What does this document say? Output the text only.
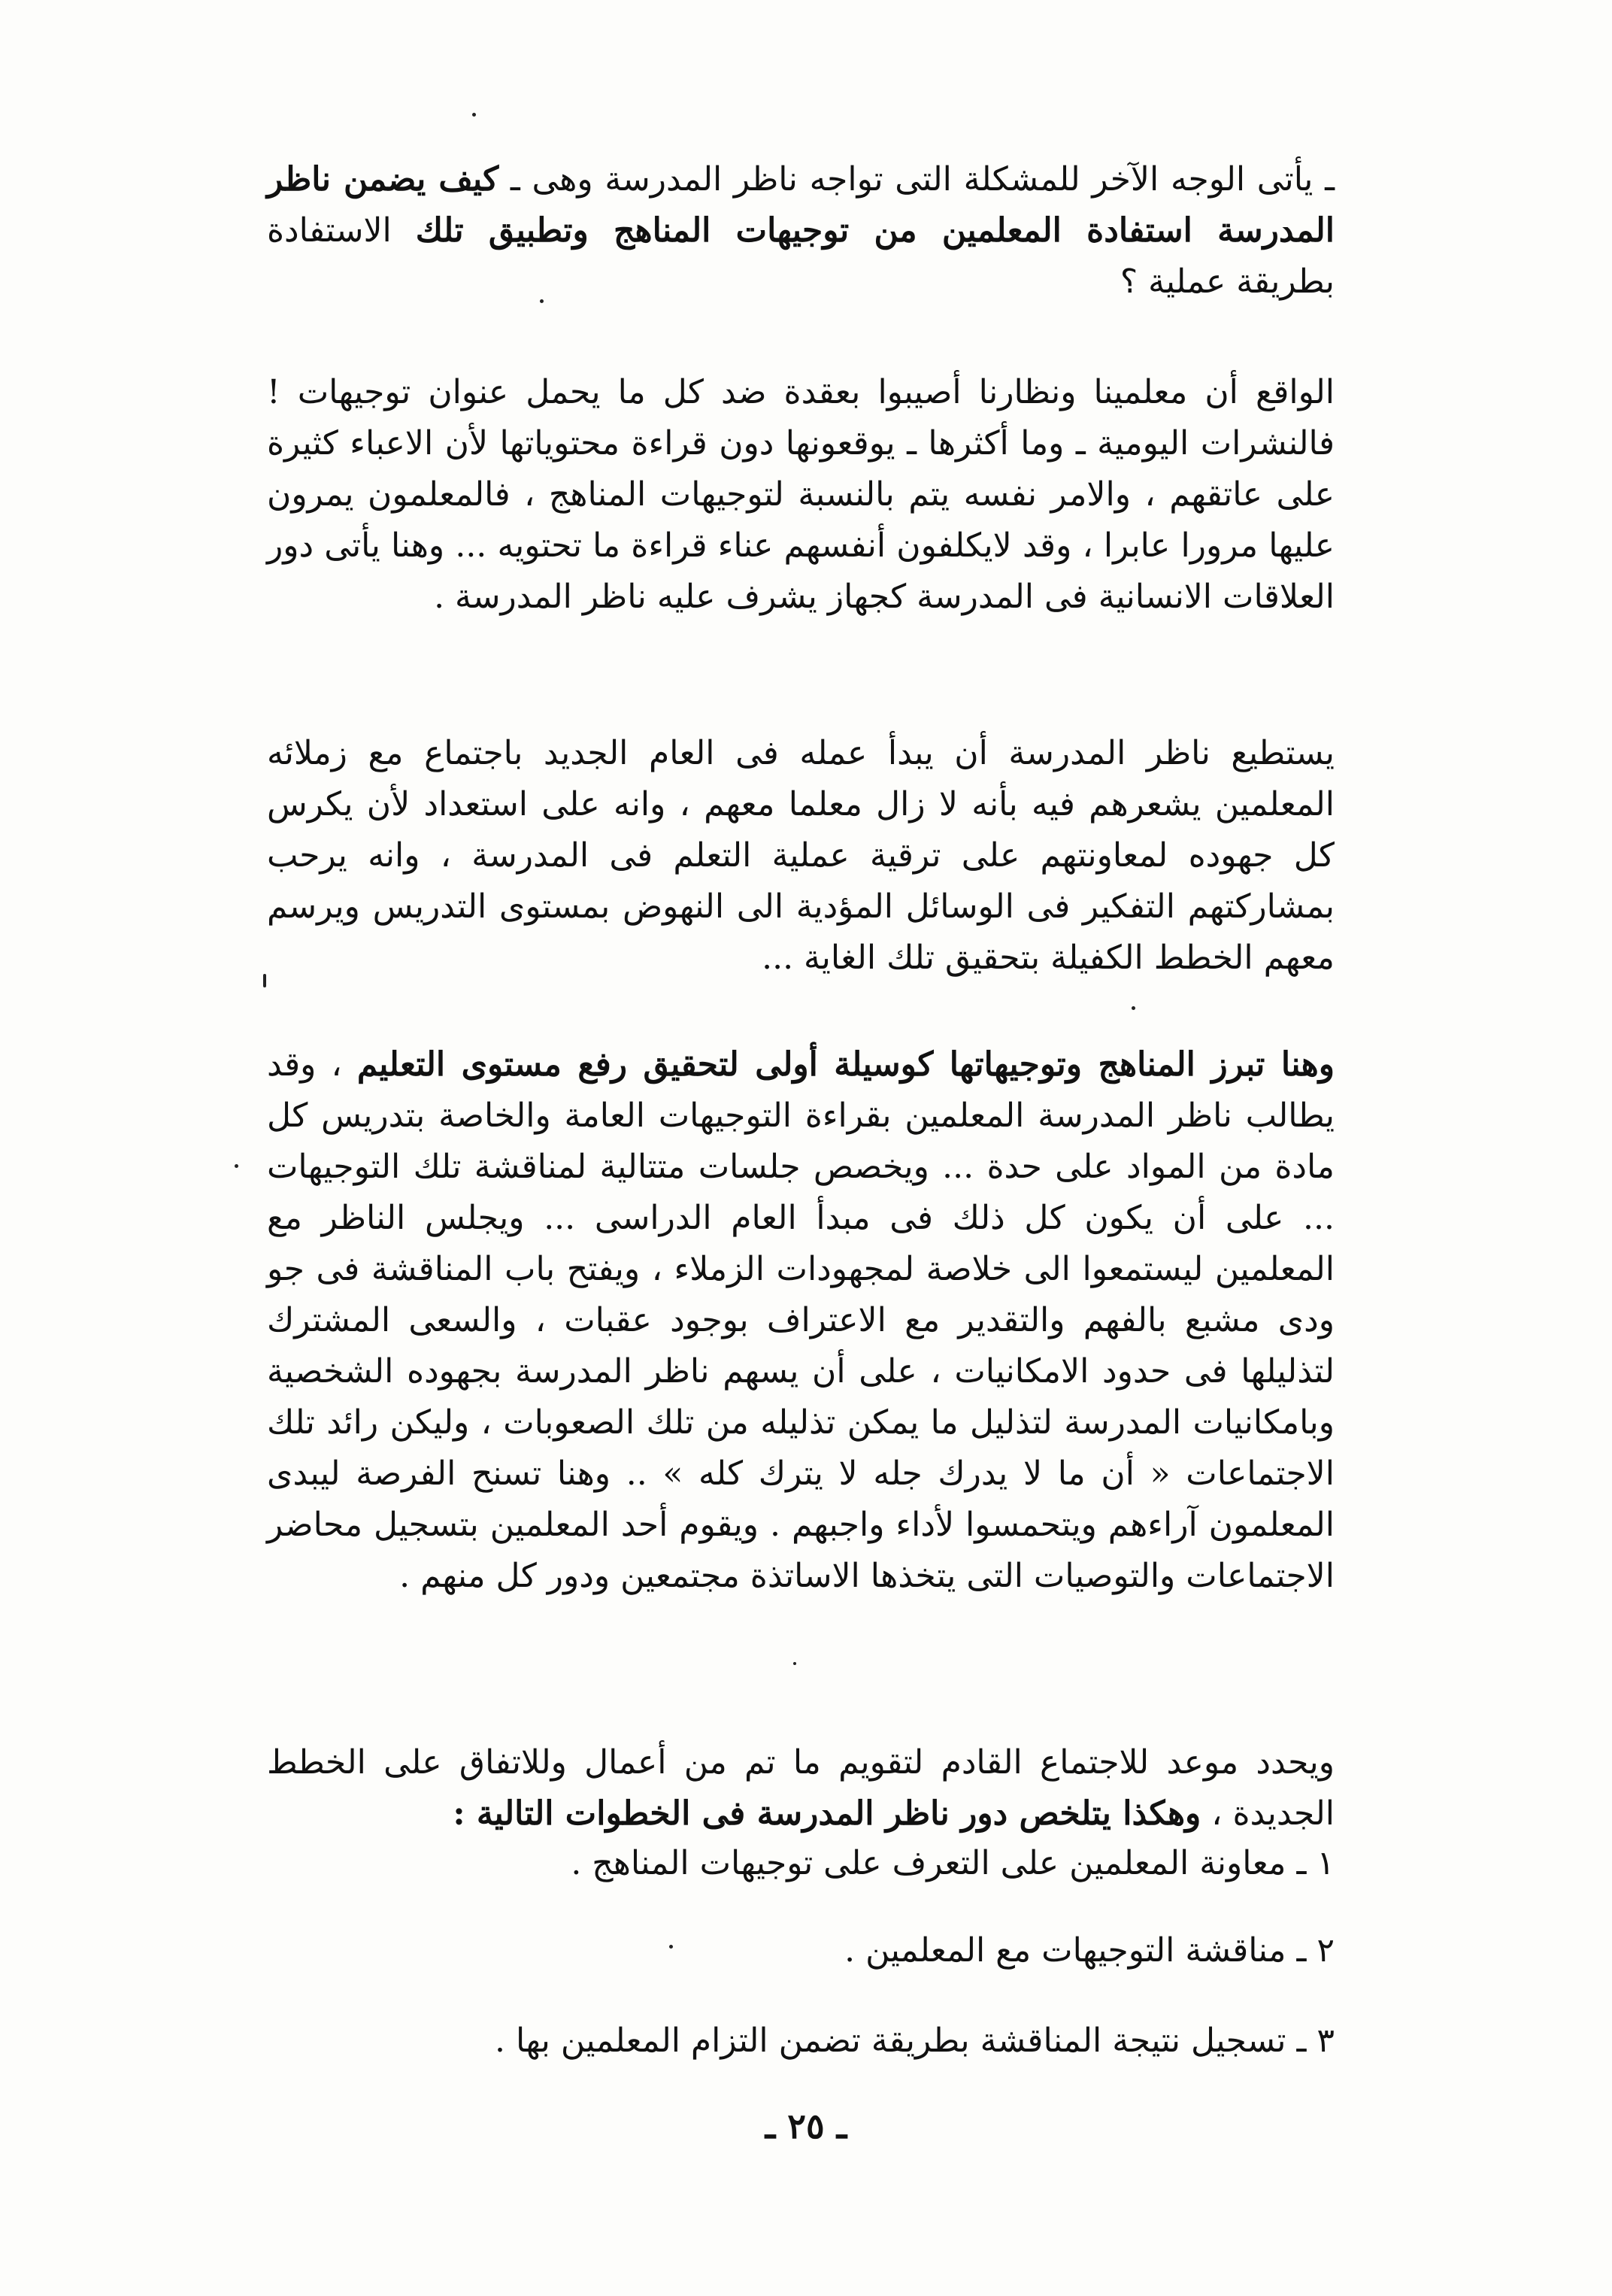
ـ يأتى الوجه الآخر للمشكلة التى تواجه ناظر المدرسة وهى ـ كيف يضمن ناظر المدرسة استفادة المعلمين من توجيهات المناهج وتطبيق تلك الاستفادة بطريقة عملية ؟

الواقع أن معلمينا ونظارنا أصيبوا بعقدة ضد كل ما يحمل عنوان توجيهات ! فالنشرات اليومية ـ وما أكثرها ـ يوقعونها دون قراءة محتوياتها لأن الاعباء كثيرة على عاتقهم ، والامر نفسه يتم بالنسبة لتوجيهات المناهج ، فالمعلمون يمرون عليها مرورا عابرا ، وقد لايكلفون أنفسهم عناء قراءة ما تحتويه ... وهنا يأتى دور العلاقات الانسانية فى المدرسة كجهاز يشرف عليه ناظر المدرسة .

يستطيع ناظر المدرسة أن يبدأ عمله فى العام الجديد باجتماع مع زملائه المعلمين يشعرهم فيه بأنه لا زال معلما معهم ، وانه على استعداد لأن يكرس كل جهوده لمعاونتهم على ترقية عملية التعلم فى المدرسة ، وانه يرحب بمشاركتهم التفكير فى الوسائل المؤدية الى النهوض بمستوى التدريس ويرسم معهم الخطط الكفيلة بتحقيق تلك الغاية ...

وهنا تبرز المناهج وتوجيهاتها كوسيلة أولى لتحقيق رفع مستوى التعليم ، وقد يطالب ناظر المدرسة المعلمين بقراءة التوجيهات العامة والخاصة بتدريس كل مادة من المواد على حدة ... ويخصص جلسات متتالية لمناقشة تلك التوجيهات ... على أن يكون كل ذلك فى مبدأ العام الدراسى ... ويجلس الناظر مع المعلمين ليستمعوا الى خلاصة لمجهودات الزملاء ، ويفتح باب المناقشة فى جو ودى مشبع بالفهم والتقدير مع الاعتراف بوجود عقبات ، والسعى المشترك لتذليلها فى حدود الامكانيات ، على أن يسهم ناظر المدرسة بجهوده الشخصية وبامكانيات المدرسة لتذليل ما يمكن تذليله من تلك الصعوبات ، وليكن رائد تلك الاجتماعات « أن ما لا يدرك جله لا يترك كله » .. وهنا تسنح الفرصة ليبدى المعلمون آراءهم ويتحمسوا لأداء واجبهم . ويقوم أحد المعلمين بتسجيل محاضر الاجتماعات والتوصيات التى يتخذها الاساتذة مجتمعين ودور كل منهم .

ويحدد موعد للاجتماع القادم لتقويم ما تم من أعمال وللاتفاق على الخطط الجديدة ، وهكذا يتلخص دور ناظر المدرسة فى الخطوات التالية :

١ ـ معاونة المعلمين على التعرف على توجيهات المناهج .
٢ ـ مناقشة التوجيهات مع المعلمين .
٣ ـ تسجيل نتيجة المناقشة بطريقة تضمن التزام المعلمين بها .
ـ ٢٥ ـ
